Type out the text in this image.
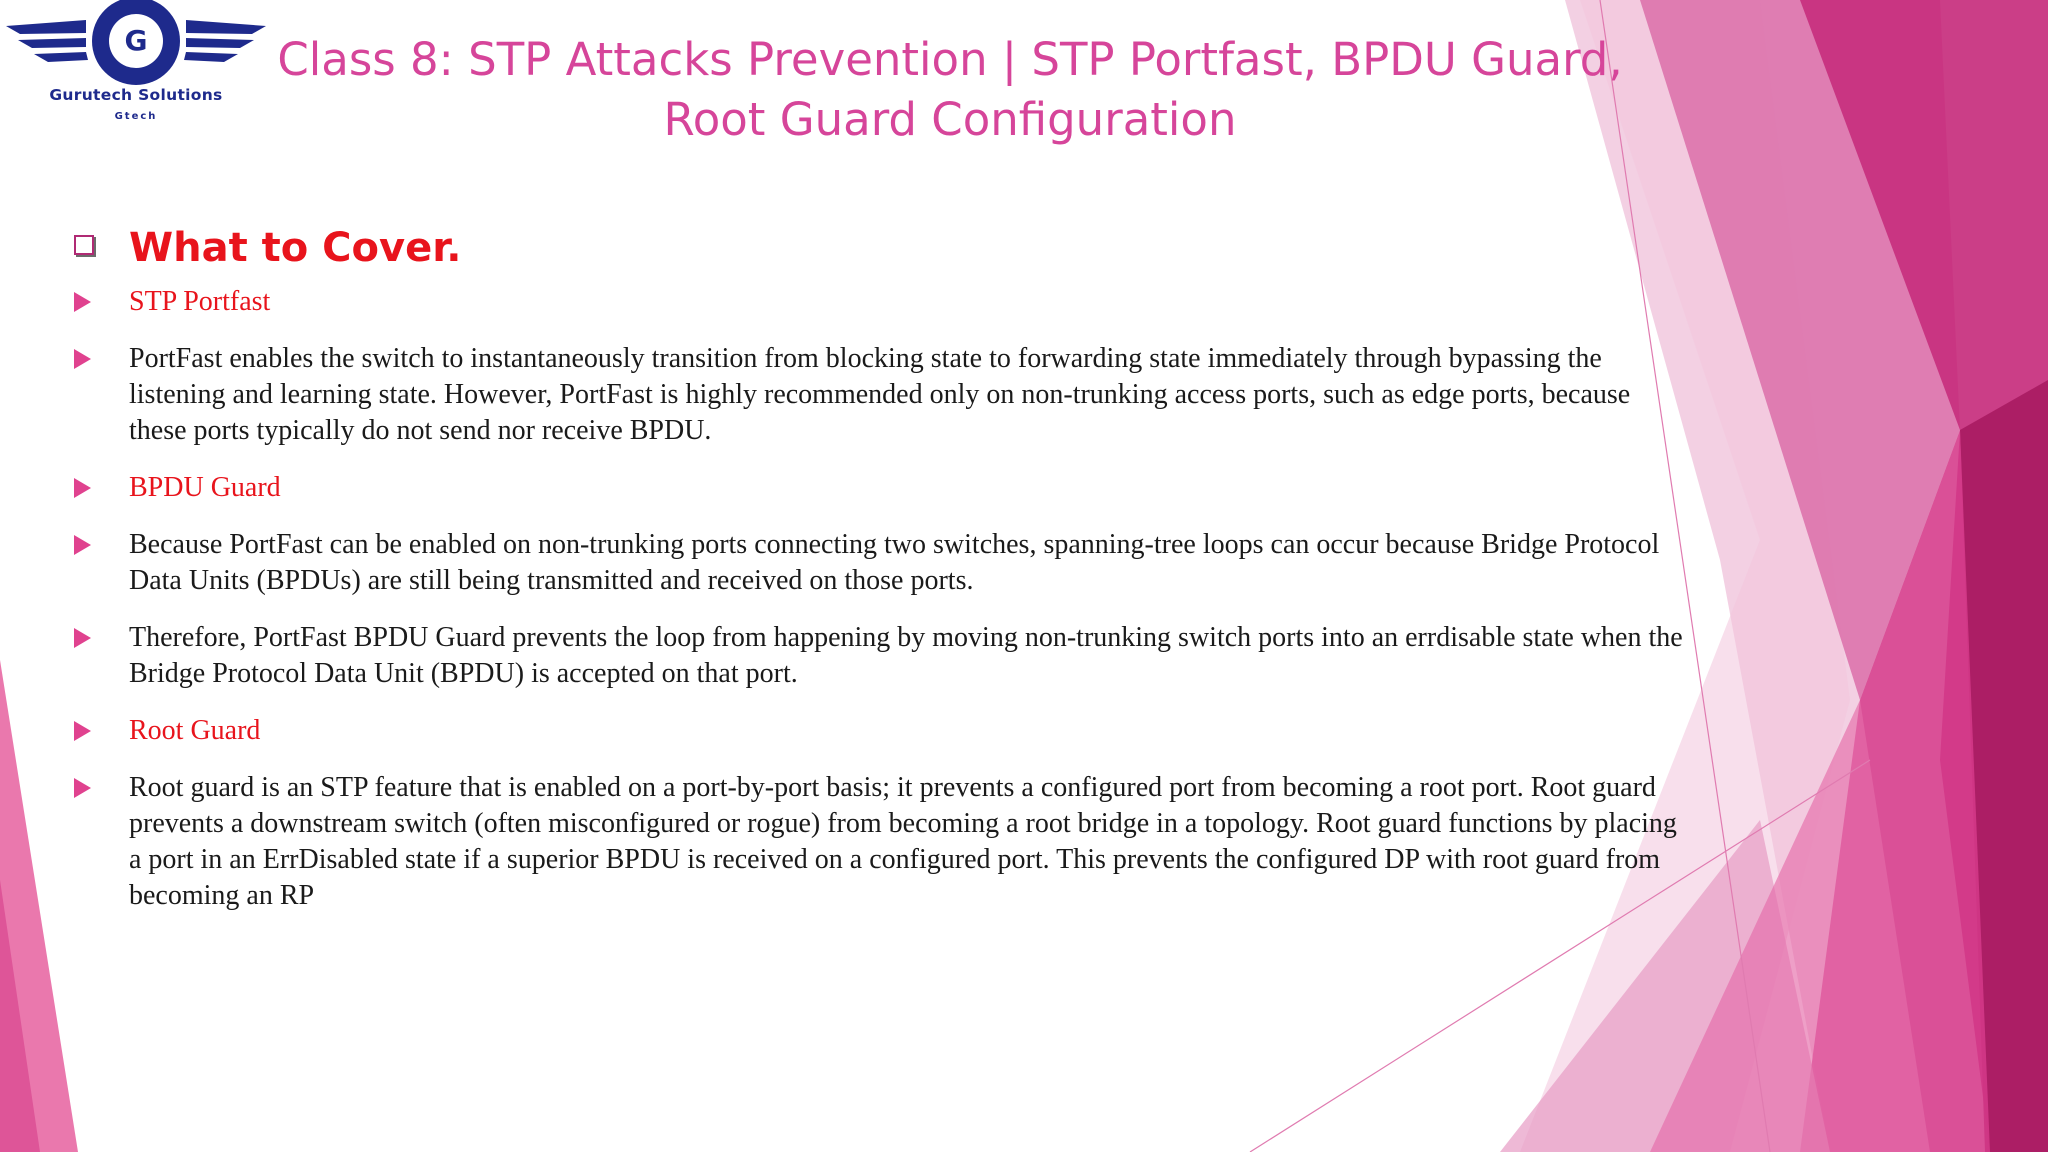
G
Gurutech Solutions
Gtech
Class 8: STP Attacks Prevention | STP Portfast, BPDU Guard,
Root Guard Configuration
What to Cover.
STP Portfast
PortFast enables the switch to instantaneously transition from blocking state to forwarding state immediately through bypassing the listening and learning state. However, PortFast is highly recommended only on non-trunking access ports, such as edge ports, because these ports typically do not send nor receive BPDU.
BPDU Guard
Because PortFast can be enabled on non-trunking ports connecting two switches, spanning-tree loops can occur because Bridge Protocol Data Units (BPDUs) are still being transmitted and received on those ports.
Therefore, PortFast BPDU Guard prevents the loop from happening by moving non-trunking switch ports into an errdisable state when the Bridge Protocol Data Unit (BPDU) is accepted on that port.
Root Guard
Root guard is an STP feature that is enabled on a port-by-port basis; it prevents a configured port from becoming a root port. Root guard prevents a downstream switch (often misconfigured or rogue) from becoming a root bridge in a topology. Root guard functions by placing a port in an ErrDisabled state if a superior BPDU is received on a configured port. This prevents the configured DP with root guard from becoming an RP
